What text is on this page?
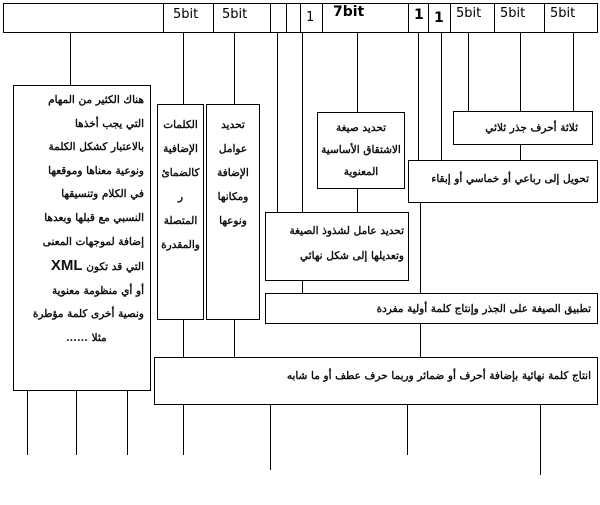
5bit 5bit	1 7bit	1 1 5bit 5bit 5bit
هناك الكثير من المهام
التي يجب أخذها
بالاعتبار كشكل الكلمة
ونوعية معناها وموقعها
في الكلام وتنسيقها
النسبي مع قبلها وبعدها
إضافة لموجهات المعنى
التي قد تكون XML
أو أي منظومة معنوية
ونصية أخرى كلمة مؤطرة
مثلا ......
الكلمات
الإضافية
كالضمائ
ر
المتصلة
والمقدرة
تحديد
عوامل
الإضافة
ومكانها
ونوعها
تحديد عامل لشذوذ الصيغة
وتعديلها إلى شكل نهائي
تحديد صيغة
الاشتقاق الأساسية
المعنوية
تحويل إلى رباعي أو خماسي أو إبقاء
ثلاثة أحرف جذر ثلاثي
تطبيق الصيغة على الجذر وإنتاج كلمة أولية مفردة
انتاج كلمة نهائية بإضافة أحرف أو ضمائر وربما حرف عطف أو ما شابه
